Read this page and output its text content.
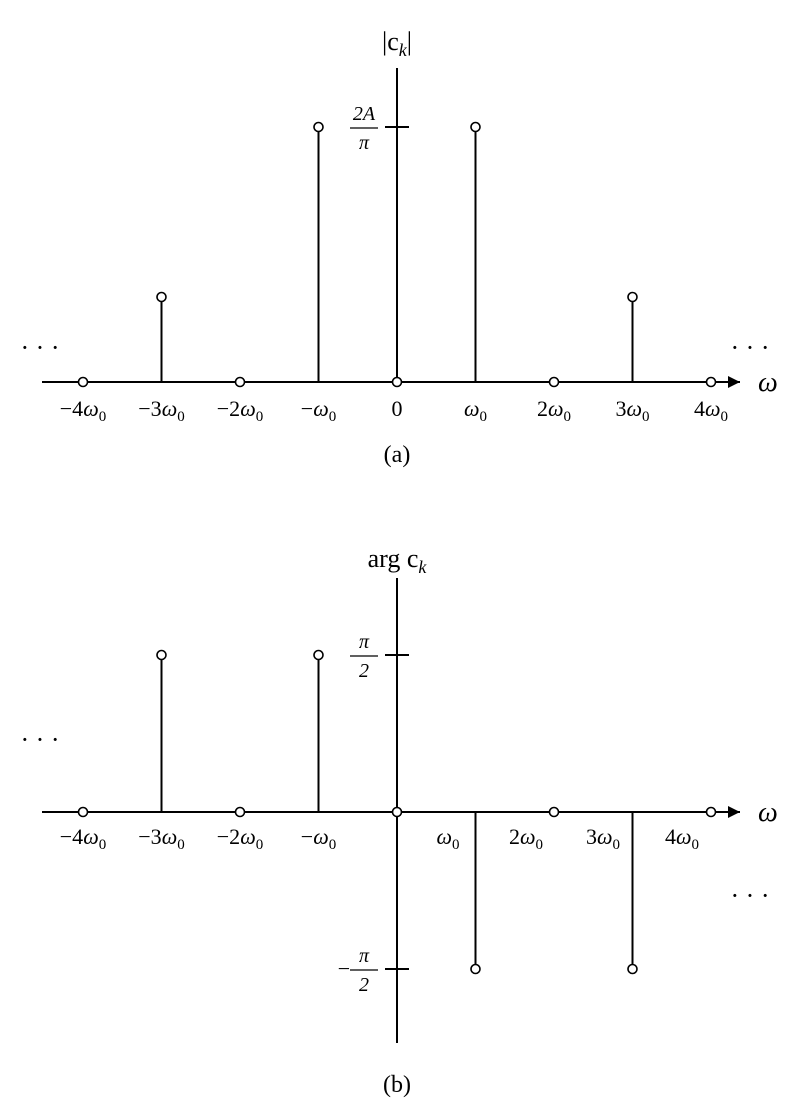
ω
$|c_k|$
2A
π
$-4\omega_0 -3\omega_0 -2\omega_0 -\omega_0$	0	$\omega_0$ $2\omega_0$ $3\omega_0$ $4\omega_0$
· · ·	· · ·
(a)
ω
arg $c_k$
π
2
− π
2
$-4\omega_0 -3\omega_0 -2\omega_0 -\omega_0$	$\omega_0$ $2\omega_0$ $3\omega_0$ $4\omega_0$
· · ·
· · ·
(b)
